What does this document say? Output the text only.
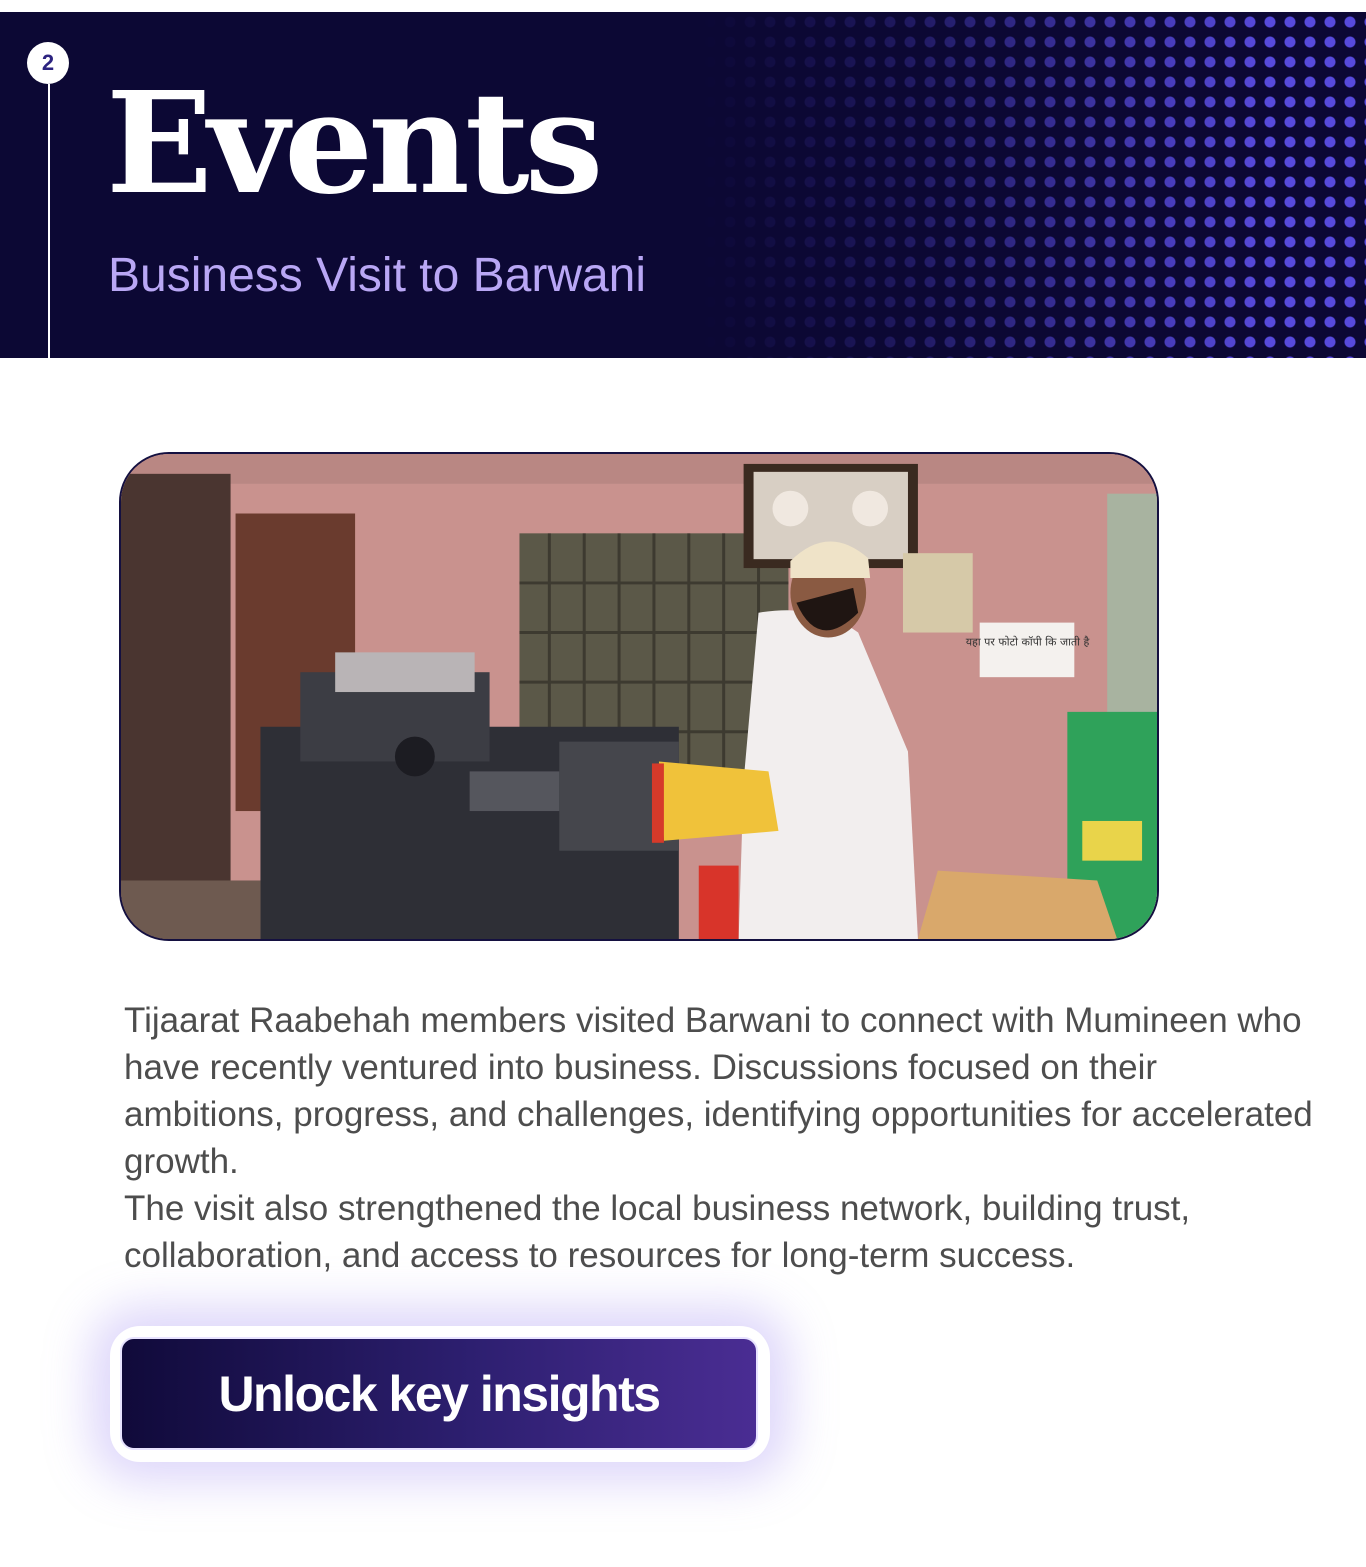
2 Events
Business Visit to Barwani
यहा पर फोटो कॉपी कि जाती है

Tijaarat Raabehah members visited Barwani to connect with Mumineen who have recently ventured into business. Discussions focused on their ambitions, progress, and challenges, identifying opportunities for accelerated growth.

The visit also strengthened the local business network, building trust, collaboration, and access to resources for long-term success.

Unlock key insights
